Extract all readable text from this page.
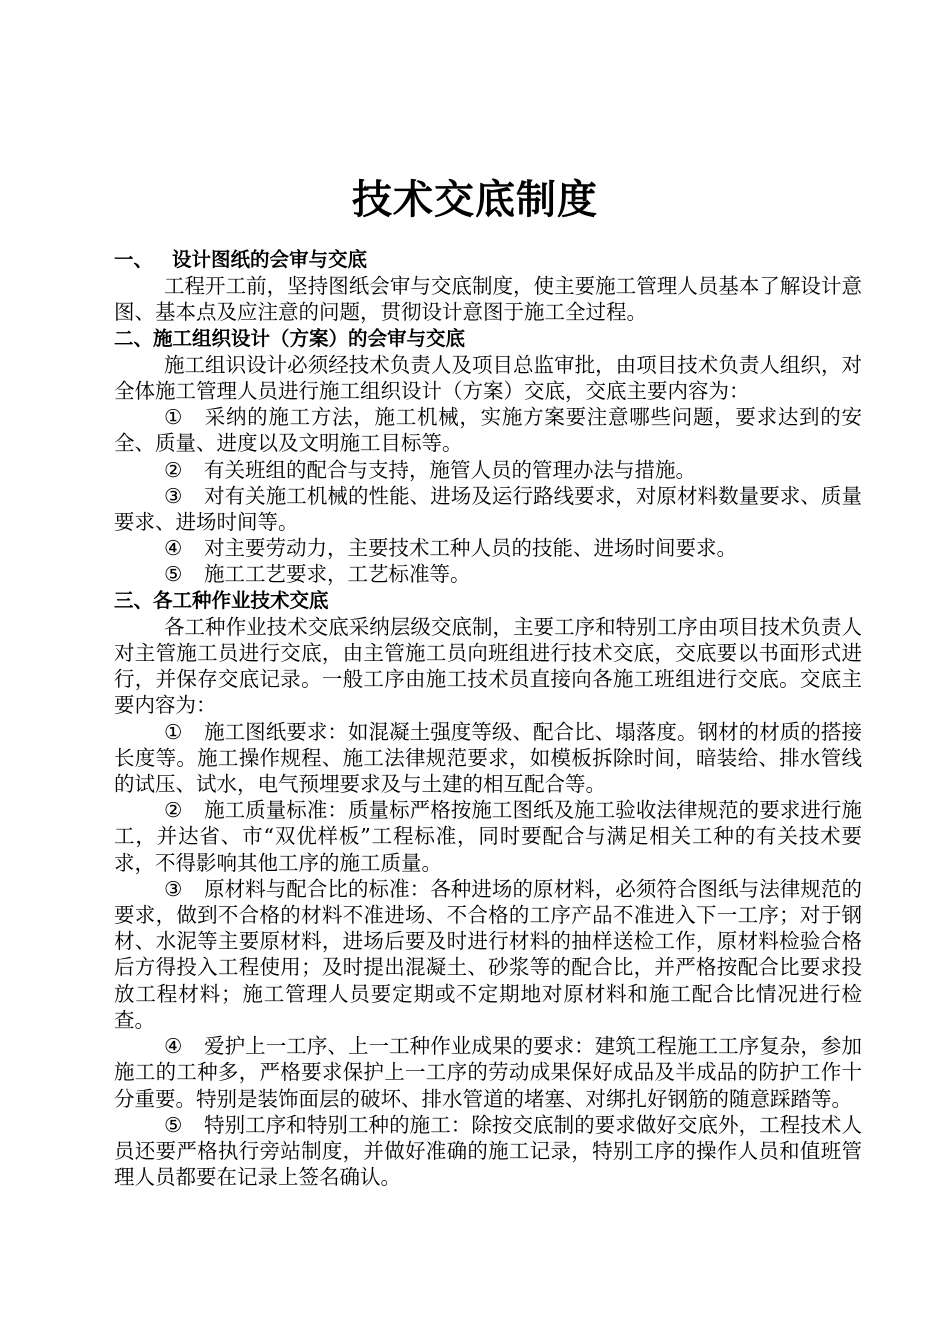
技术交底制度

一、 设计图纸的会审与交底

工程开工前，坚持图纸会审与交底制度，使主要施工管理人员基本了解设计意图、基本点及应注意的问题，贯彻设计意图于施工全过程。

二、施工组织设计（方案）的会审与交底

施工组识设计必须经技术负责人及项目总监审批，由项目技术负责人组织，对全体施工管理人员进行施工组织设计（方案）交底，交底主要内容为：

① 采纳的施工方法，施工机械，实施方案要注意哪些问题，要求达到的安全、质量、进度以及文明施工目标等。

② 有关班组的配合与支持，施管人员的管理办法与措施。

③ 对有关施工机械的性能、进场及运行路线要求，对原材料数量要求、质量要求、进场时间等。

④ 对主要劳动力，主要技术工种人员的技能、进场时间要求。

⑤ 施工工艺要求，工艺标准等。

三、各工种作业技术交底

各工种作业技术交底采纳层级交底制，主要工序和特别工序由项目技术负责人对主管施工员进行交底，由主管施工员向班组进行技术交底，交底要以书面形式进行，并保存交底记录。一般工序由施工技术员直接向各施工班组进行交底。交底主要内容为：

① 施工图纸要求：如混凝土强度等级、配合比、塌落度。钢材的材质的搭接长度等。施工操作规程、施工法律规范要求，如模板拆除时间，暗装给、排水管线的试压、试水，电气预埋要求及与土建的相互配合等。

② 施工质量标准：质量标严格按施工图纸及施工验收法律规范的要求进行施工，并达省、市“双优样板”工程标准，同时要配合与满足相关工种的有关技术要求，不得影响其他工序的施工质量。

③ 原材料与配合比的标准：各种进场的原材料，必须符合图纸与法律规范的要求，做到不合格的材料不准进场、不合格的工序产品不准进入下一工序；对于钢材、水泥等主要原材料，进场后要及时进行材料的抽样送检工作，原材料检验合格后方得投入工程使用；及时提出混凝土、砂浆等的配合比，并严格按配合比要求投放工程材料；施工管理人员要定期或不定期地对原材料和施工配合比情况进行检查。

④ 爱护上一工序、上一工种作业成果的要求：建筑工程施工工序复杂，参加施工的工种多，严格要求保护上一工序的劳动成果保好成品及半成品的防护工作十分重要。特别是装饰面层的破坏、排水管道的堵塞、对绑扎好钢筋的随意踩踏等。

⑤ 特别工序和特别工种的施工：除按交底制的要求做好交底外，工程技术人员还要严格执行旁站制度，并做好准确的施工记录，特别工序的操作人员和值班管理人员都要在记录上签名确认。
